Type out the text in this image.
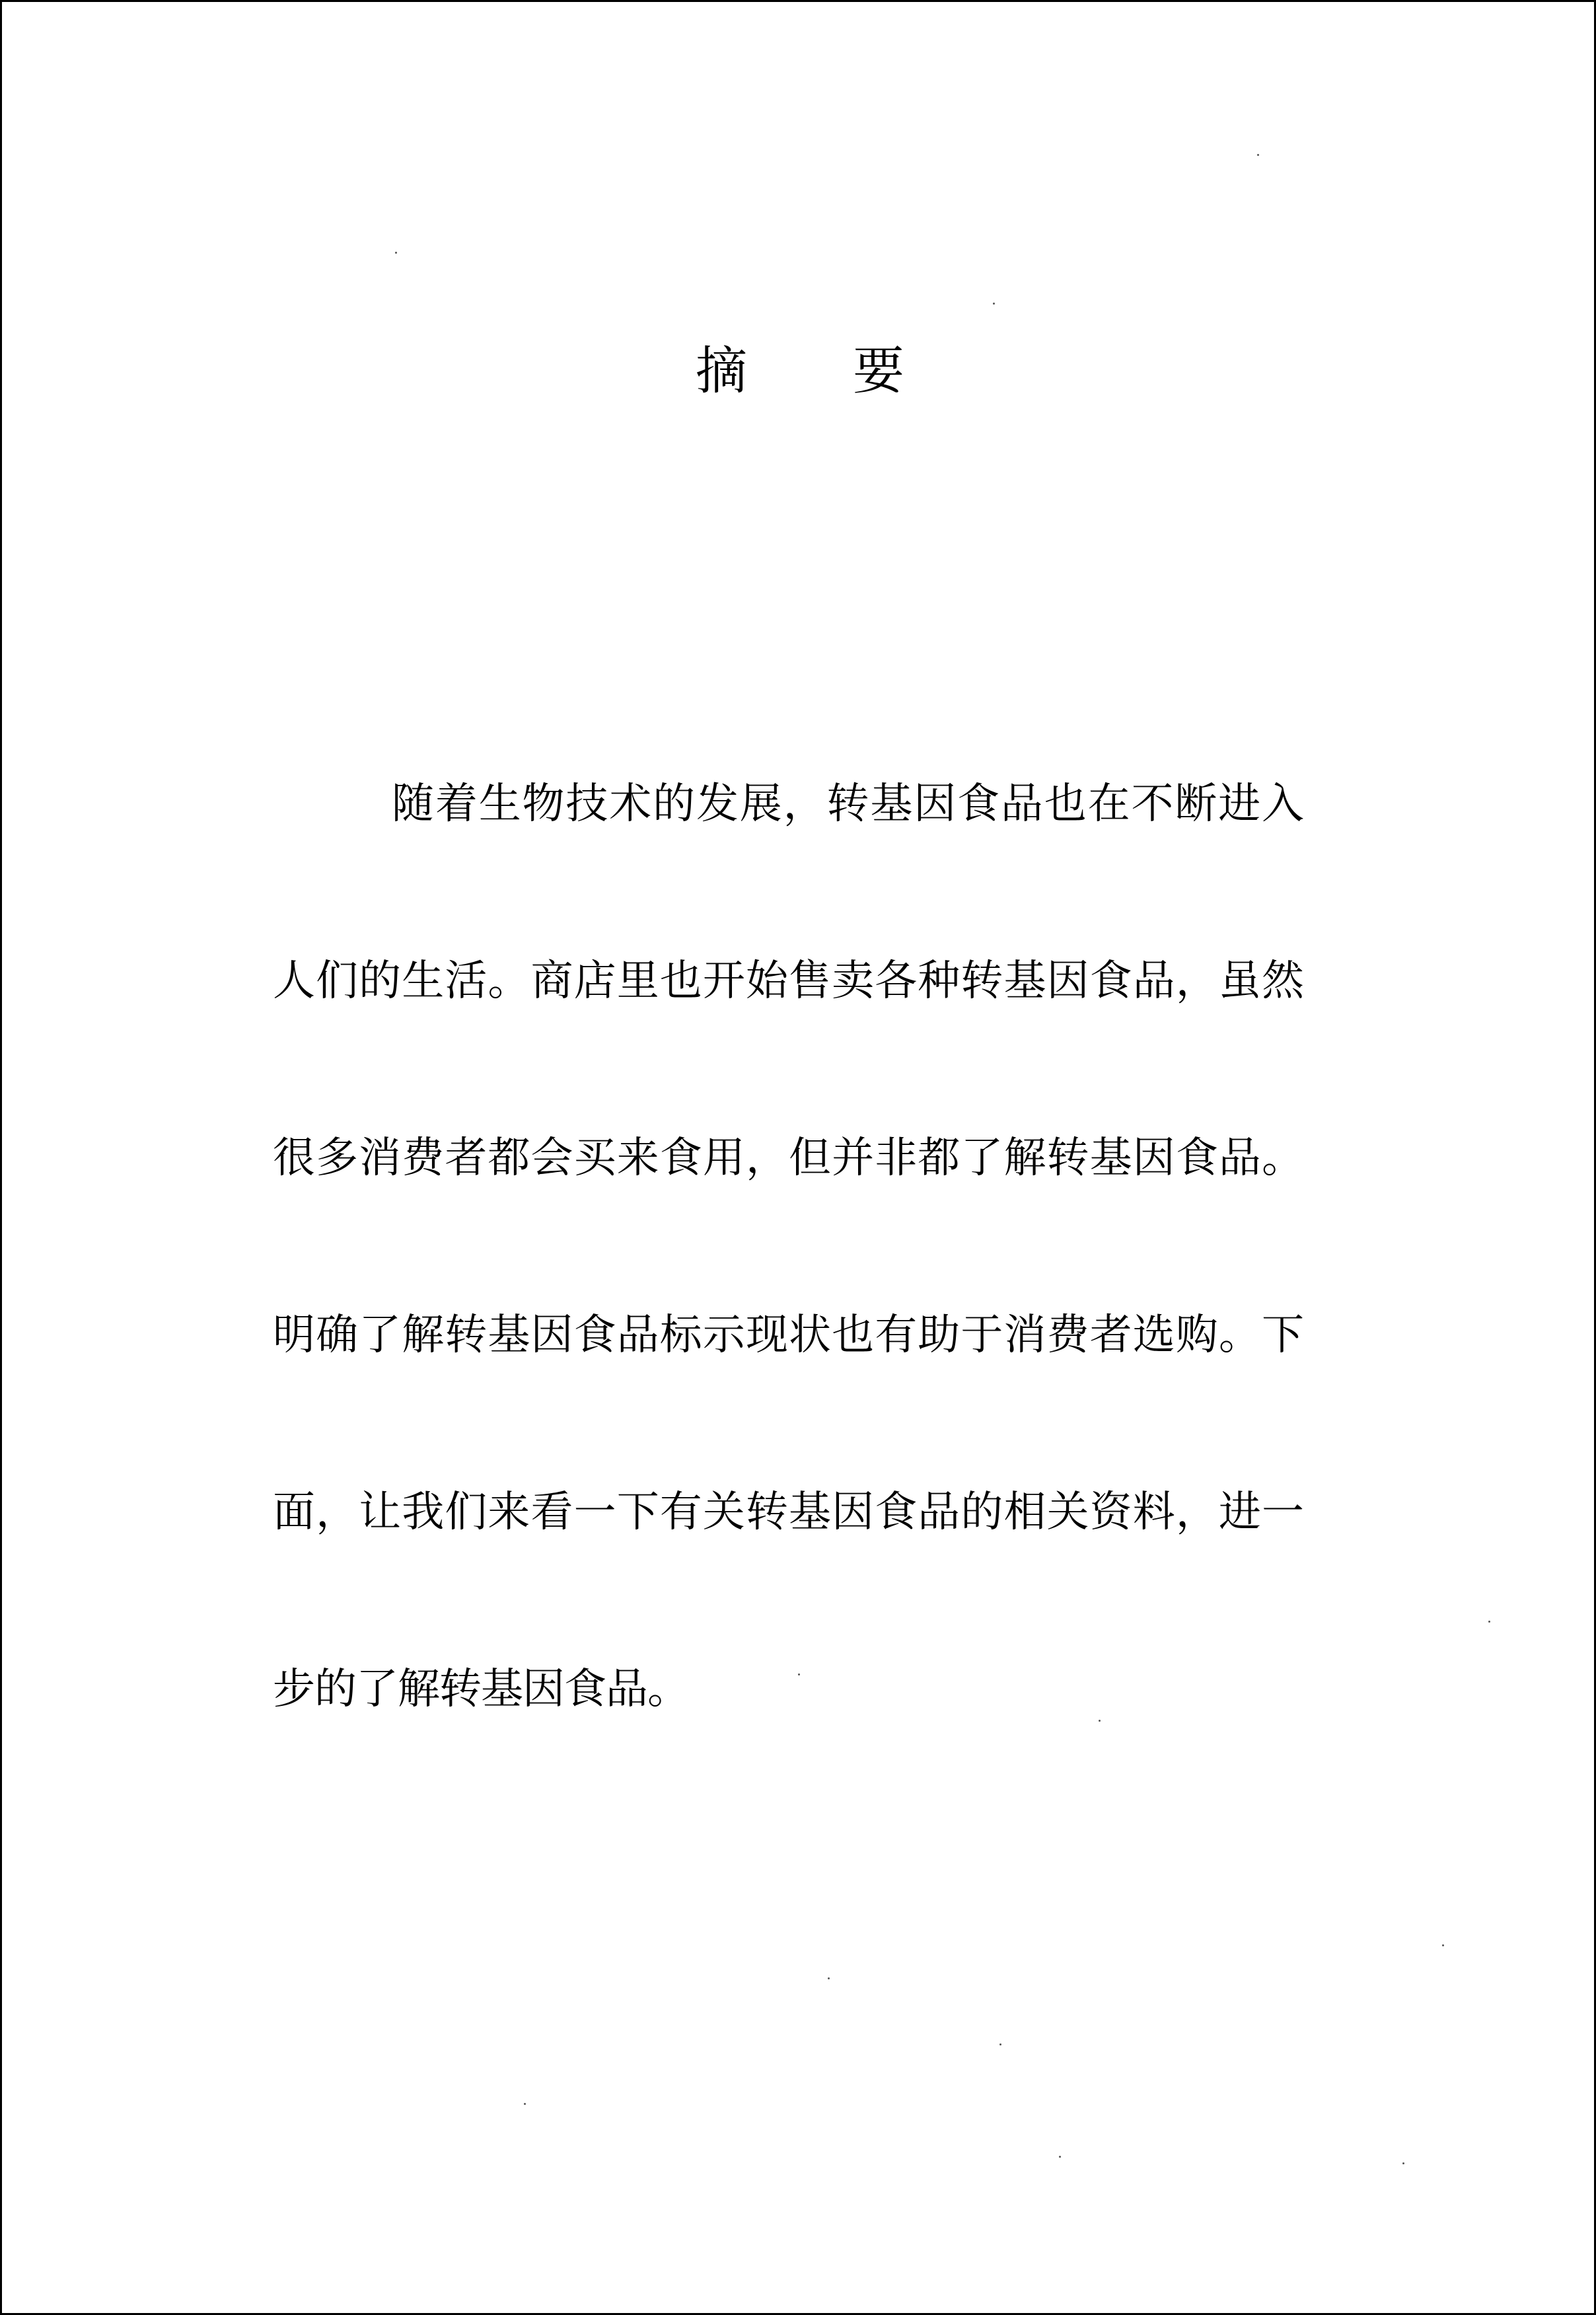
摘 要

随着生物技术的发展，转基因食品也在不断进入人们的生活。商店里也开始售卖各种转基因食品，虽然很多消费者都会买来食用，但并非都了解转基因食品。明确了解转基因食品标示现状也有助于消费者选购。下面，让我们来看一下有关转基因食品的相关资料，进一步的了解转基因食品。
